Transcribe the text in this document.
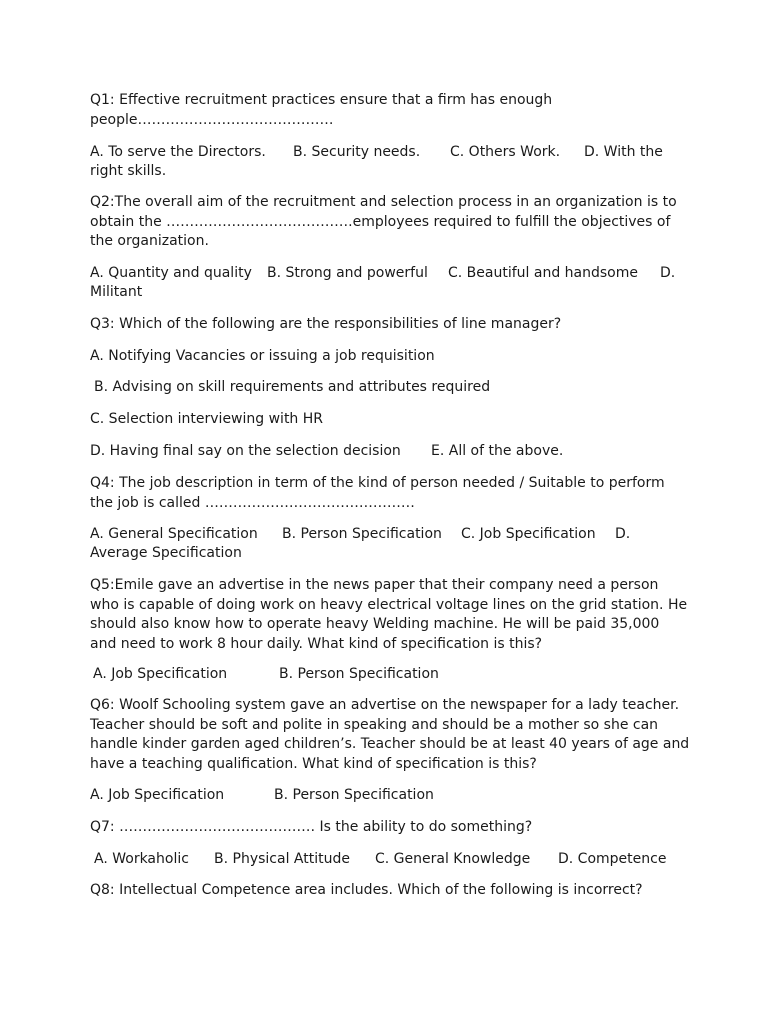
Q1: Effective recruitment practices ensure that a firm has enough people……………………………………

A. To serve the Directors. B. Security needs. C. Others Work. D. With the
right skills.

Q2:The overall aim of the recruitment and selection process in an organization is to obtain the ………………………………….employees required to fulfill the objectives of the organization.

A. Quantity and quality B. Strong and powerful C. Beautiful and handsome D.
Militant

Q3: Which of the following are the responsibilities of line manager?

A. Notifying Vacancies or issuing a job requisition
B. Advising on skill requirements and attributes required
C. Selection interviewing with HR
D. Having final say on the selection decision E. All of the above.

Q4: The job description in term of the kind of person needed / Suitable to perform the job is called ………………………………………

A. General Specification B. Person Specification C. Job Specification D.
Average Specification

Q5:Emile gave an advertise in the news paper that their company need a person who is capable of doing work on heavy electrical voltage lines on the grid station. He should also know how to operate heavy Welding machine. He will be paid 35,000 and need to work 8 hour daily. What kind of specification is this?

A. Job Specification	B. Person Specification

Q6: Woolf Schooling system gave an advertise on the newspaper for a lady teacher. Teacher should be soft and polite in speaking and should be a mother so she can handle kinder garden aged children’s. Teacher should be at least 40 years of age and have a teaching qualification. What kind of specification is this?

A. Job Specification	B. Person Specification

Q7: …………………………………… Is the ability to do something?

A. Workaholic B. Physical Attitude C. General Knowledge D. Competence

Q8: Intellectual Competence area includes. Which of the following is incorrect?
